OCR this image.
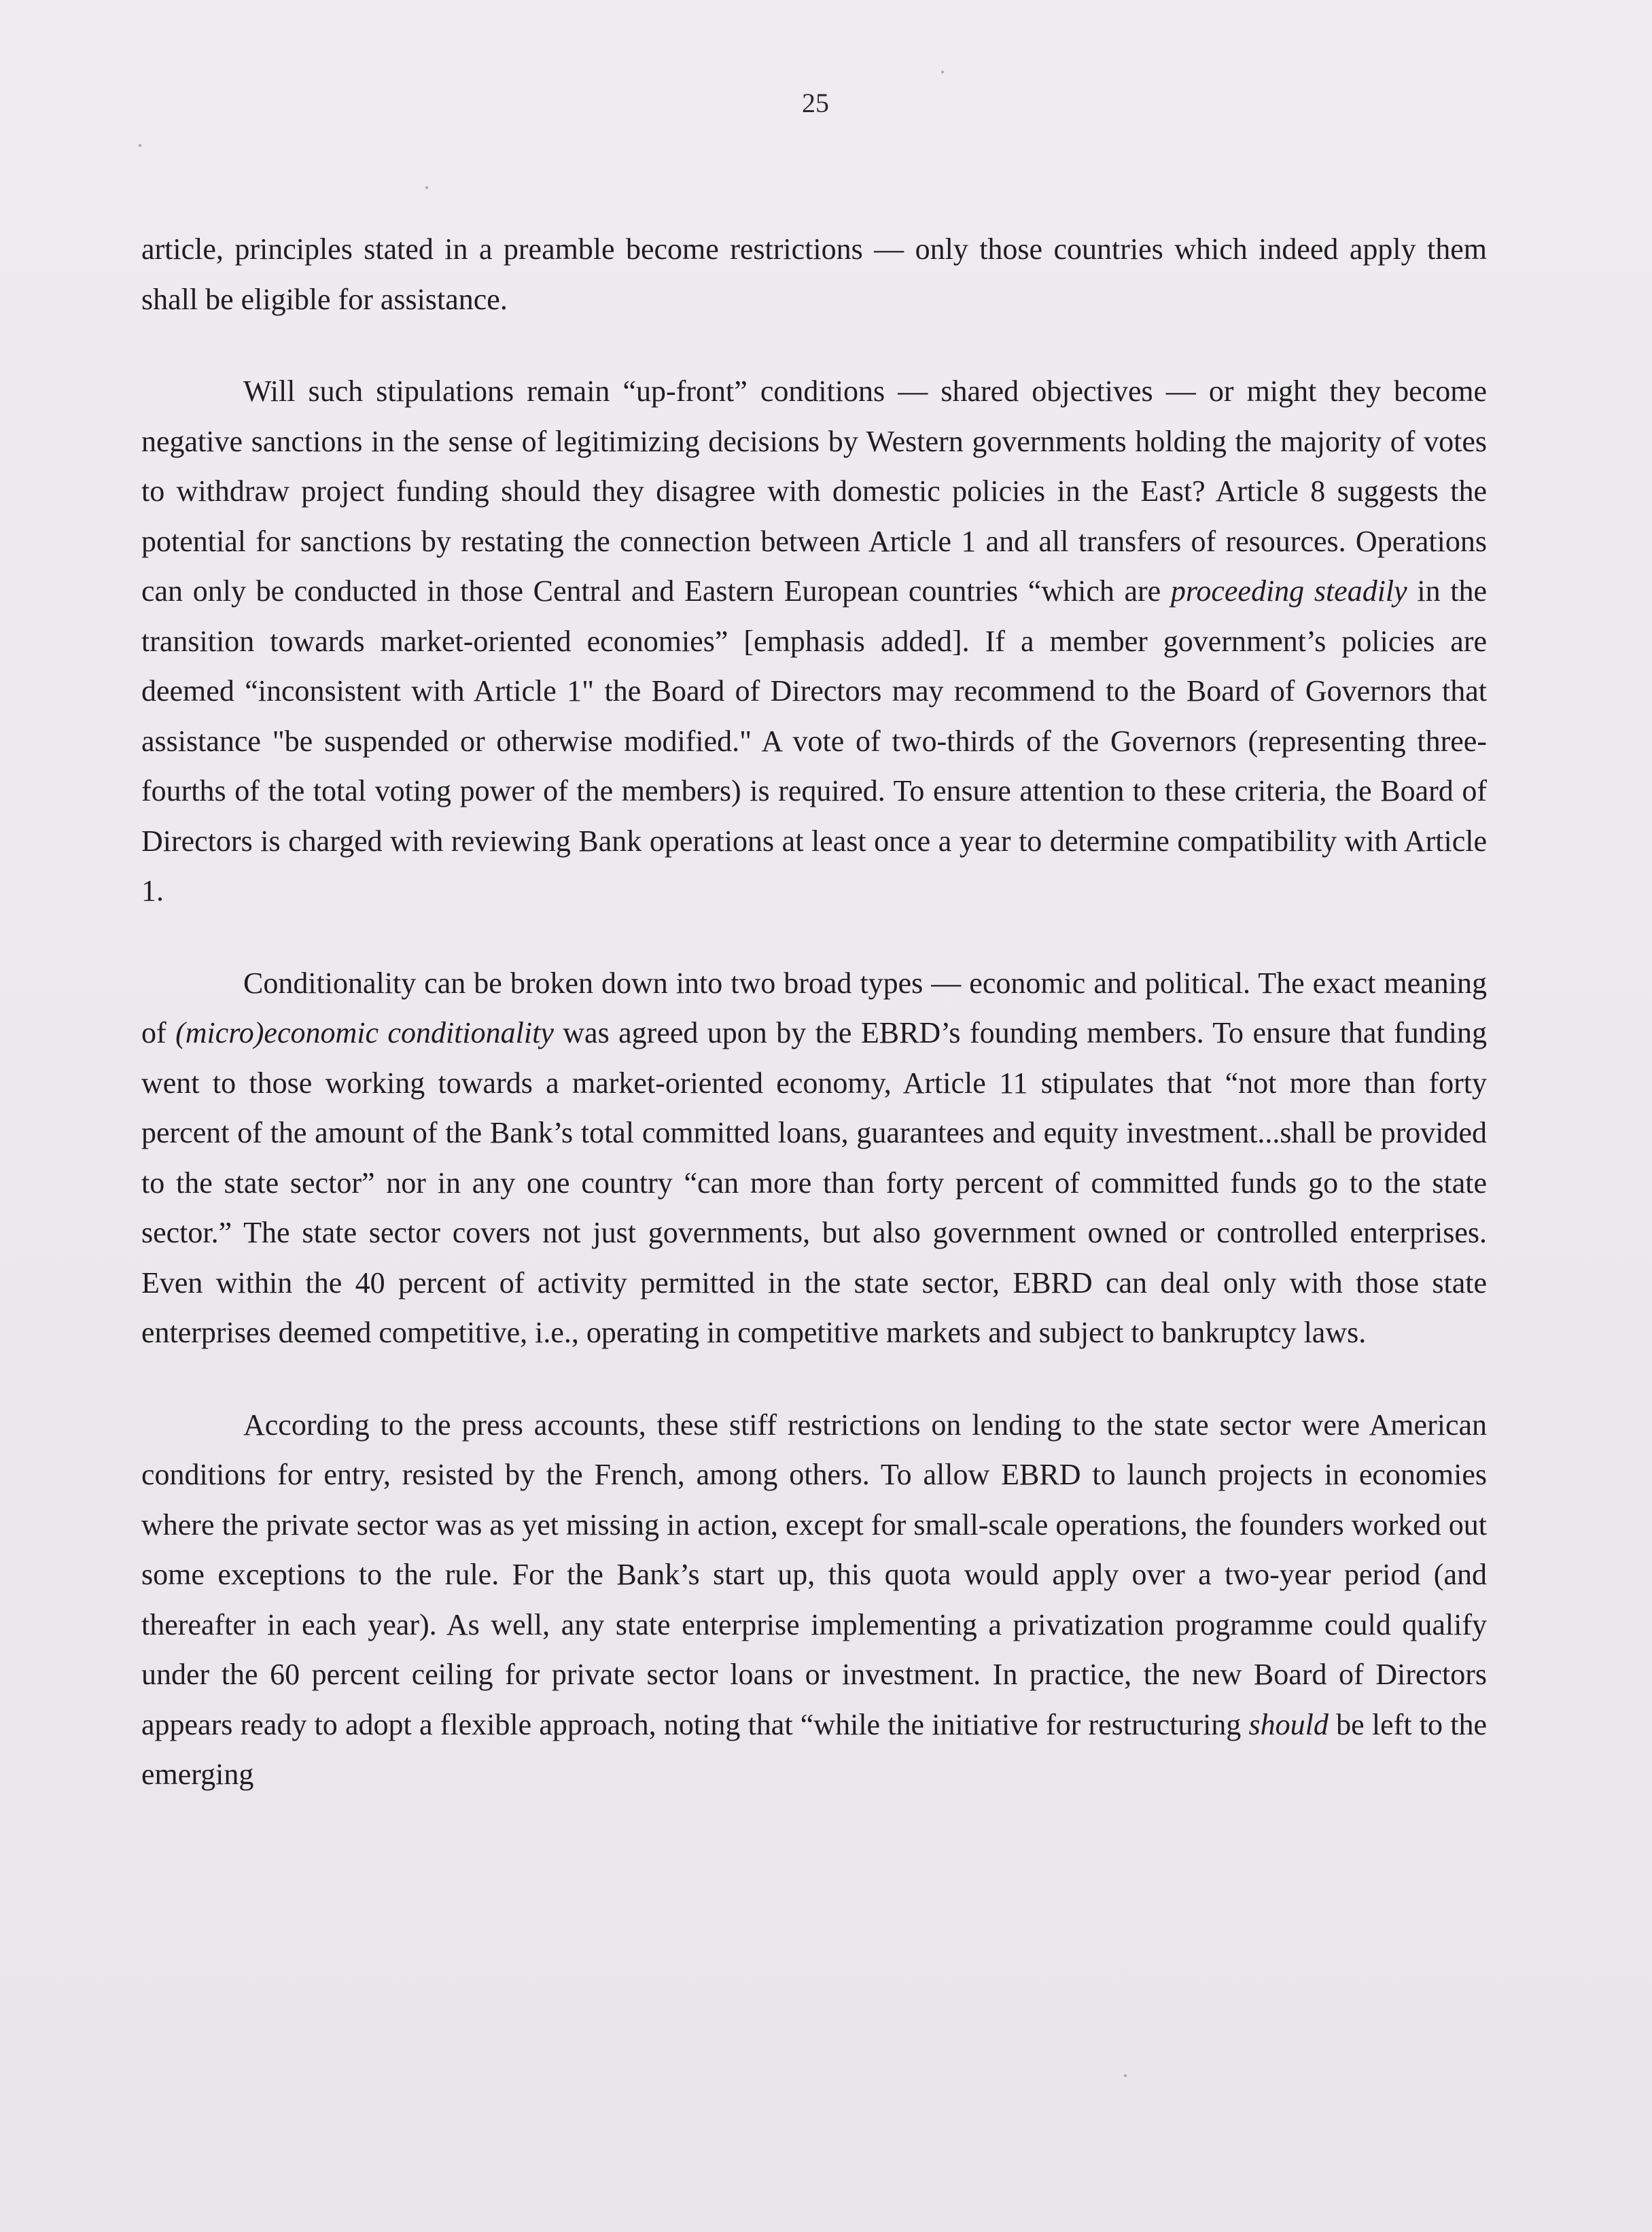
25

article, principles stated in a preamble become restrictions — only those countries which indeed apply them shall be eligible for assistance.

Will such stipulations remain “up-front” conditions — shared objectives — or might they become negative sanctions in the sense of legitimizing decisions by Western governments holding the majority of votes to withdraw project funding should they disagree with domestic policies in the East? Article 8 suggests the potential for sanctions by restating the connection between Article 1 and all transfers of resources. Operations can only be conducted in those Central and Eastern European countries “which are proceeding steadily in the transition towards market-oriented economies” [emphasis added]. If a member government’s policies are deemed “inconsistent with Article 1" the Board of Directors may recommend to the Board of Governors that assistance "be suspended or otherwise modified." A vote of two-thirds of the Governors (representing three-fourths of the total voting power of the members) is required. To ensure attention to these criteria, the Board of Directors is charged with reviewing Bank operations at least once a year to determine compatibility with Article 1.

Conditionality can be broken down into two broad types — economic and political. The exact meaning of (micro)economic conditionality was agreed upon by the EBRD’s founding members. To ensure that funding went to those working towards a market-oriented economy, Article 11 stipulates that “not more than forty percent of the amount of the Bank’s total committed loans, guarantees and equity investment...shall be provided to the state sector” nor in any one country “can more than forty percent of committed funds go to the state sector.” The state sector covers not just governments, but also government owned or controlled enterprises. Even within the 40 percent of activity permitted in the state sector, EBRD can deal only with those state enterprises deemed competitive, i.e., operating in competitive markets and subject to bankruptcy laws.

According to the press accounts, these stiff restrictions on lending to the state sector were American conditions for entry, resisted by the French, among others. To allow EBRD to launch projects in economies where the private sector was as yet missing in action, except for small-scale operations, the founders worked out some exceptions to the rule. For the Bank’s start up, this quota would apply over a two-year period (and thereafter in each year). As well, any state enterprise implementing a privatization programme could qualify under the 60 percent ceiling for private sector loans or investment. In practice, the new Board of Directors appears ready to adopt a flexible approach, noting that “while the initiative for restructuring should be left to the emerging
